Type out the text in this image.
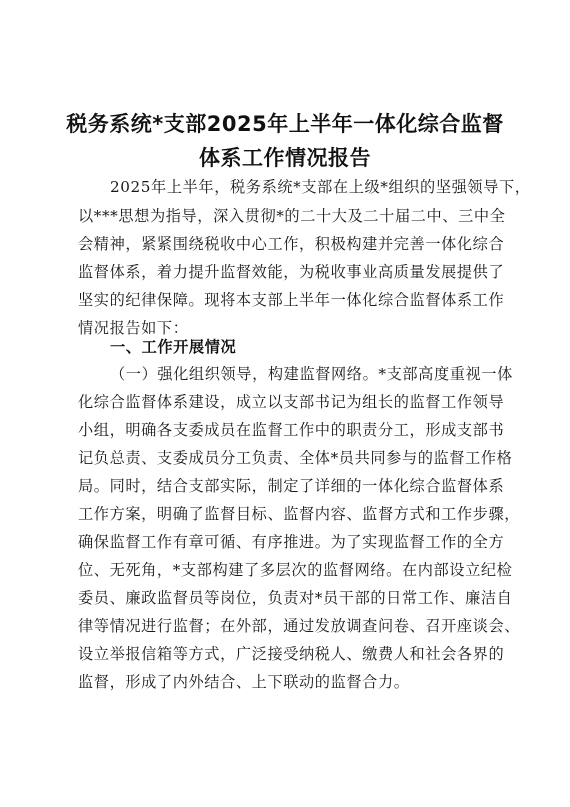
税务系统*支部2025年上半年一体化综合监督
体系工作情况报告
2025年上半年，税务系统*支部在上级*组织的坚强领导下，
以***思想为指导，深入贯彻*的二十大及二十届二中、三中全
会精神，紧紧围绕税收中心工作，积极构建并完善一体化综合
监督体系，着力提升监督效能，为税收事业高质量发展提供了
坚实的纪律保障。现将本支部上半年一体化综合监督体系工作
情况报告如下：
一、工作开展情况
（一）强化组织领导，构建监督网络。*支部高度重视一体
化综合监督体系建设，成立以支部书记为组长的监督工作领导
小组，明确各支委成员在监督工作中的职责分工，形成支部书
记负总责、支委成员分工负责、全体*员共同参与的监督工作格
局。同时，结合支部实际，制定了详细的一体化综合监督体系
工作方案，明确了监督目标、监督内容、监督方式和工作步骤，
确保监督工作有章可循、有序推进。为了实现监督工作的全方
位、无死角，*支部构建了多层次的监督网络。在内部设立纪检
委员、廉政监督员等岗位，负责对*员干部的日常工作、廉洁自
律等情况进行监督；在外部，通过发放调查问卷、召开座谈会、
设立举报信箱等方式，广泛接受纳税人、缴费人和社会各界的
监督，形成了内外结合、上下联动的监督合力。
